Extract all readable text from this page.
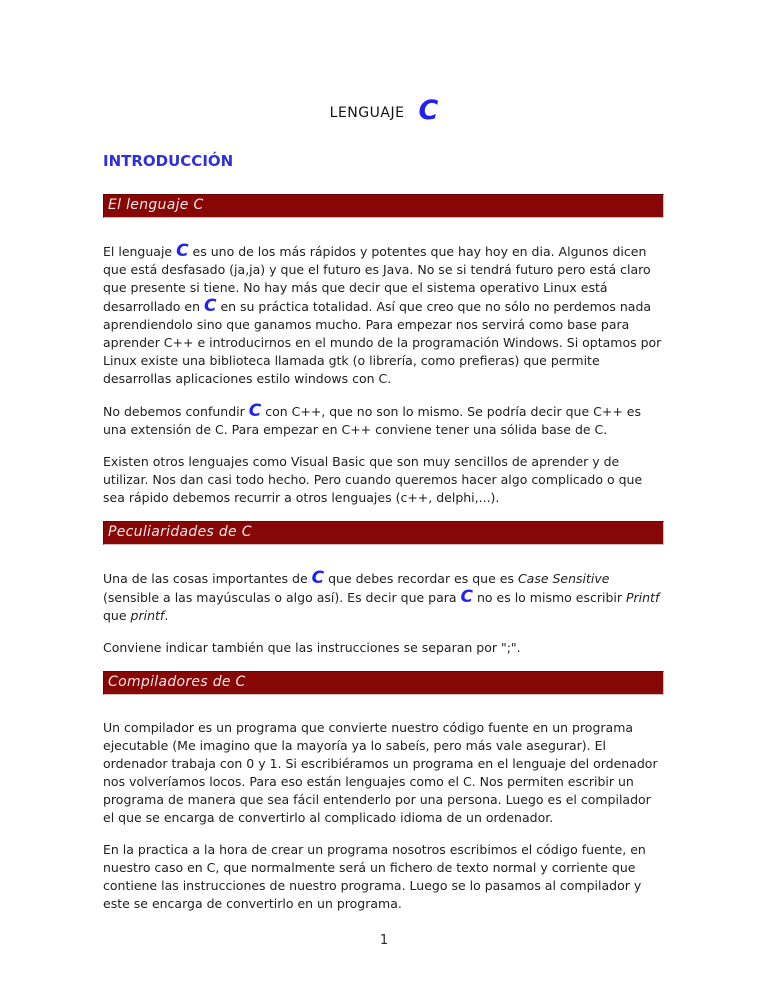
LENGUAJE C
INTRODUCCIÓN
El lenguaje C

El lenguaje C es uno de los más rápidos y potentes que hay hoy en dia. Algunos dicen que está desfasado (ja,ja) y que el futuro es Java. No se si tendrá futuro pero está claro que presente si tiene. No hay más que decir que el sistema operativo Linux está desarrollado en C en su práctica totalidad. Así que creo que no sólo no perdemos nada aprendiendolo sino que ganamos mucho. Para empezar nos servirá como base para aprender C++ e introducirnos en el mundo de la programación Windows. Si optamos por Linux existe una biblioteca llamada gtk (o librería, como prefieras) que permite desarrollas aplicaciones estilo windows con C.

No debemos confundir C con C++, que no son lo mismo. Se podría decir que C++ es una extensión de C. Para empezar en C++ conviene tener una sólida base de C.

Existen otros lenguajes como Visual Basic que son muy sencillos de aprender y de utilizar. Nos dan casi todo hecho. Pero cuando queremos hacer algo complicado o que sea rápido debemos recurrir a otros lenguajes (c++, delphi,...).

Peculiaridades de C

Una de las cosas importantes de C que debes recordar es que es Case Sensitive (sensible a las mayúsculas o algo así). Es decir que para C no es lo mismo escribir Printf que printf.

Conviene indicar también que las instrucciones se separan por ";".

Compiladores de C

Un compilador es un programa que convierte nuestro código fuente en un programa ejecutable (Me imagino que la mayoría ya lo sabeís, pero más vale asegurar). El ordenador trabaja con 0 y 1. Si escribiéramos un programa en el lenguaje del ordenador nos volveríamos locos. Para eso están lenguajes como el C. Nos permiten escribir un programa de manera que sea fácil entenderlo por una persona. Luego es el compilador el que se encarga de convertirlo al complicado idioma de un ordenador.

En la practica a la hora de crear un programa nosotros escribimos el código fuente, en nuestro caso en C, que normalmente será un fichero de texto normal y corriente que contiene las instrucciones de nuestro programa. Luego se lo pasamos al compilador y este se encarga de convertirlo en un programa.

1
